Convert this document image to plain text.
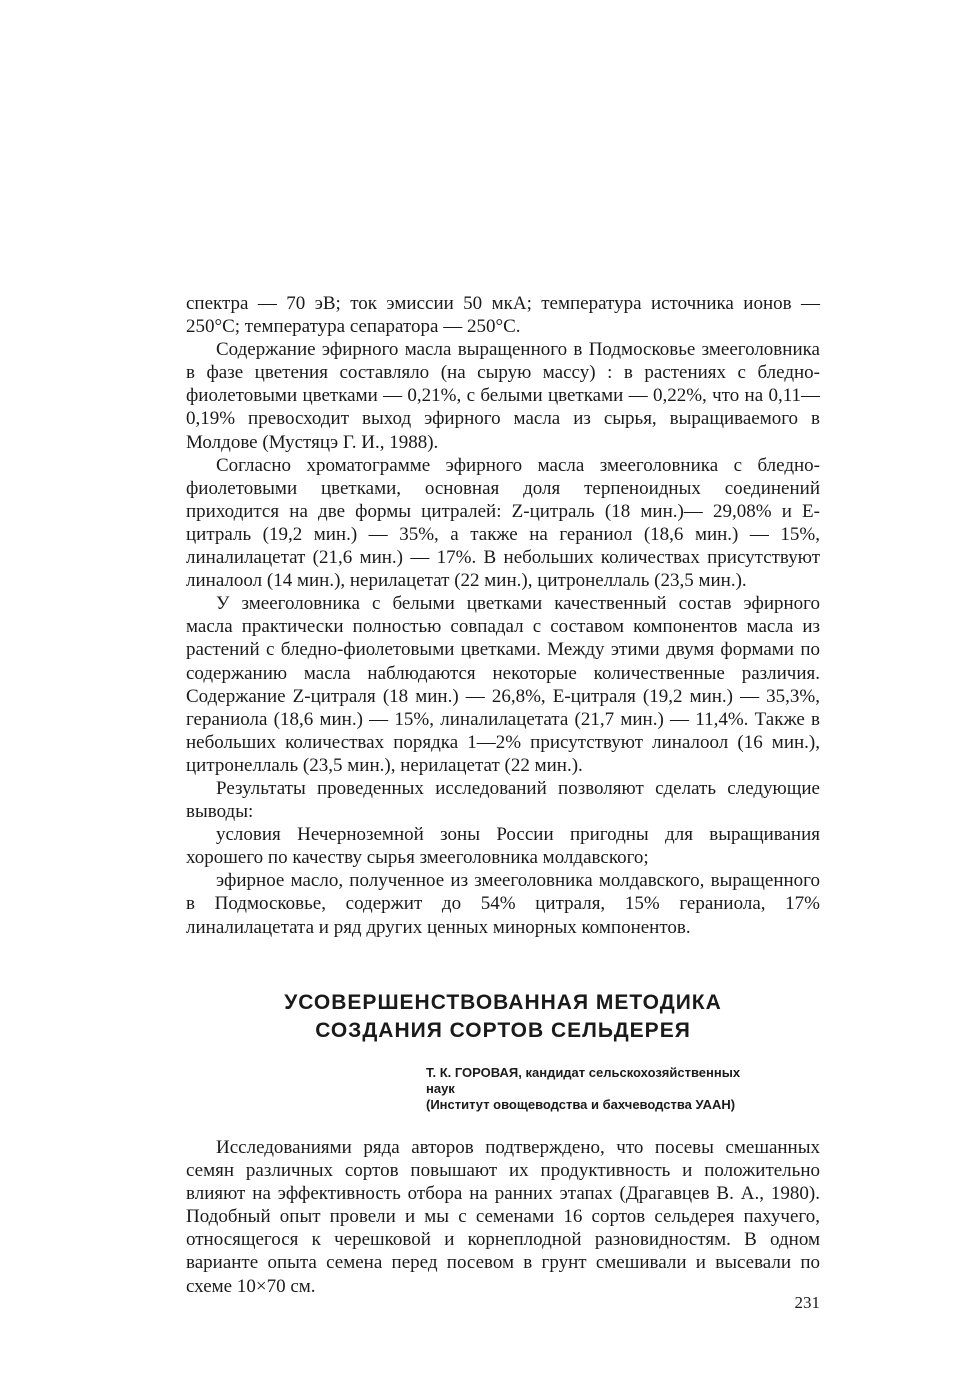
спектра — 70 эВ; ток эмиссии 50 мкА; температура источника ионов — 250°С; температура сепаратора — 250°С.

Содержание эфирного масла выращенного в Подмосковье змееголовника в фазе цветения составляло (на сырую массу) : в растениях с бледно-фиолетовыми цветками — 0,21%, с белыми цветками — 0,22%, что на 0,11—0,19% превосходит выход эфирного масла из сырья, выращиваемого в Молдове (Мустяцэ Г. И., 1988).

Согласно хроматограмме эфирного масла змееголовника с бледно-фиолетовыми цветками, основная доля терпеноидных соединений приходится на две формы цитралей: Z-цитраль (18 мин.)— 29,08% и Е-цитраль (19,2 мин.) — 35%, а также на гераниол (18,6 мин.) — 15%, линалилацетат (21,6 мин.) — 17%. В небольших количествах присутствуют линалоол (14 мин.), нерилацетат (22 мин.), цитронеллаль (23,5 мин.).

У змееголовника с белыми цветками качественный состав эфирного масла практически полностью совпадал с составом компонентов масла из растений с бледно-фиолетовыми цветками. Между этими двумя формами по содержанию масла наблюдаются некоторые количественные различия. Содержание Z-цитраля (18 мин.) — 26,8%, Е-цитраля (19,2 мин.) — 35,3%, гераниола (18,6 мин.) — 15%, линалилацетата (21,7 мин.) — 11,4%. Также в небольших количествах порядка 1—2% присутствуют линалоол (16 мин.), цитронеллаль (23,5 мин.), нерилацетат (22 мин.).

Результаты проведенных исследований позволяют сделать следующие выводы:

условия Нечерноземной зоны России пригодны для выращивания хорошего по качеству сырья змееголовника молдавского;

эфирное масло, полученное из змееголовника молдавского, выращенного в Подмосковье, содержит до 54% цитраля, 15% гераниола, 17% линалилацетата и ряд других ценных минорных компонентов.

УСОВЕРШЕНСТВОВАННАЯ МЕТОДИКА
СОЗДАНИЯ СОРТОВ СЕЛЬДЕРЕЯ
Т. К. ГОРОВАЯ, кандидат сельскохозяйственных
наук
(Институт овощеводства и бахчеводства УААН)

Исследованиями ряда авторов подтверждено, что посевы смешанных семян различных сортов повышают их продуктивность и положительно влияют на эффективность отбора на ранних этапах (Драгавцев В. А., 1980). Подобный опыт провели и мы с семенами 16 сортов сельдерея пахучего, относящегося к черешковой и корнеплодной разновидностям. В одном варианте опыта семена перед посевом в грунт смешивали и высевали по схеме 10×70 см.

231
